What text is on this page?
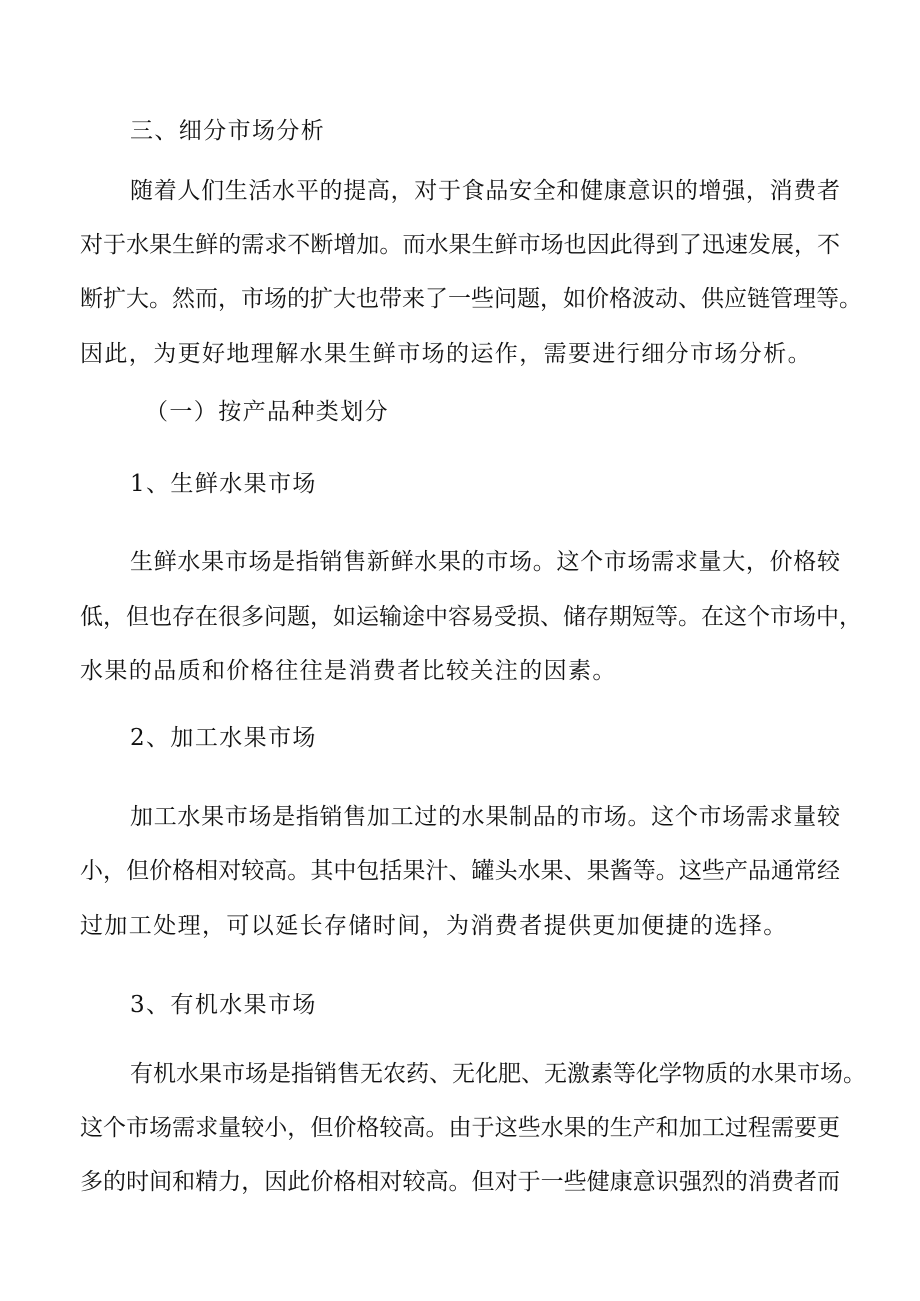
三、细分市场分析
随着人们生活水平的提高，对于食品安全和健康意识的增强，消费者
对于水果生鲜的需求不断增加。而水果生鲜市场也因此得到了迅速发展，不
断扩大。然而，市场的扩大也带来了一些问题，如价格波动、供应链管理等。
因此，为更好地理解水果生鲜市场的运作，需要进行细分市场分析。
（一）按产品种类划分
1、生鲜水果市场
生鲜水果市场是指销售新鲜水果的市场。这个市场需求量大，价格较
低，但也存在很多问题，如运输途中容易受损、储存期短等。在这个市场中，
水果的品质和价格往往是消费者比较关注的因素。
2、加工水果市场
加工水果市场是指销售加工过的水果制品的市场。这个市场需求量较
小，但价格相对较高。其中包括果汁、罐头水果、果酱等。这些产品通常经
过加工处理，可以延长存储时间，为消费者提供更加便捷的选择。
3、有机水果市场
有机水果市场是指销售无农药、无化肥、无激素等化学物质的水果市场。
这个市场需求量较小，但价格较高。由于这些水果的生产和加工过程需要更
多的时间和精力，因此价格相对较高。但对于一些健康意识强烈的消费者而
